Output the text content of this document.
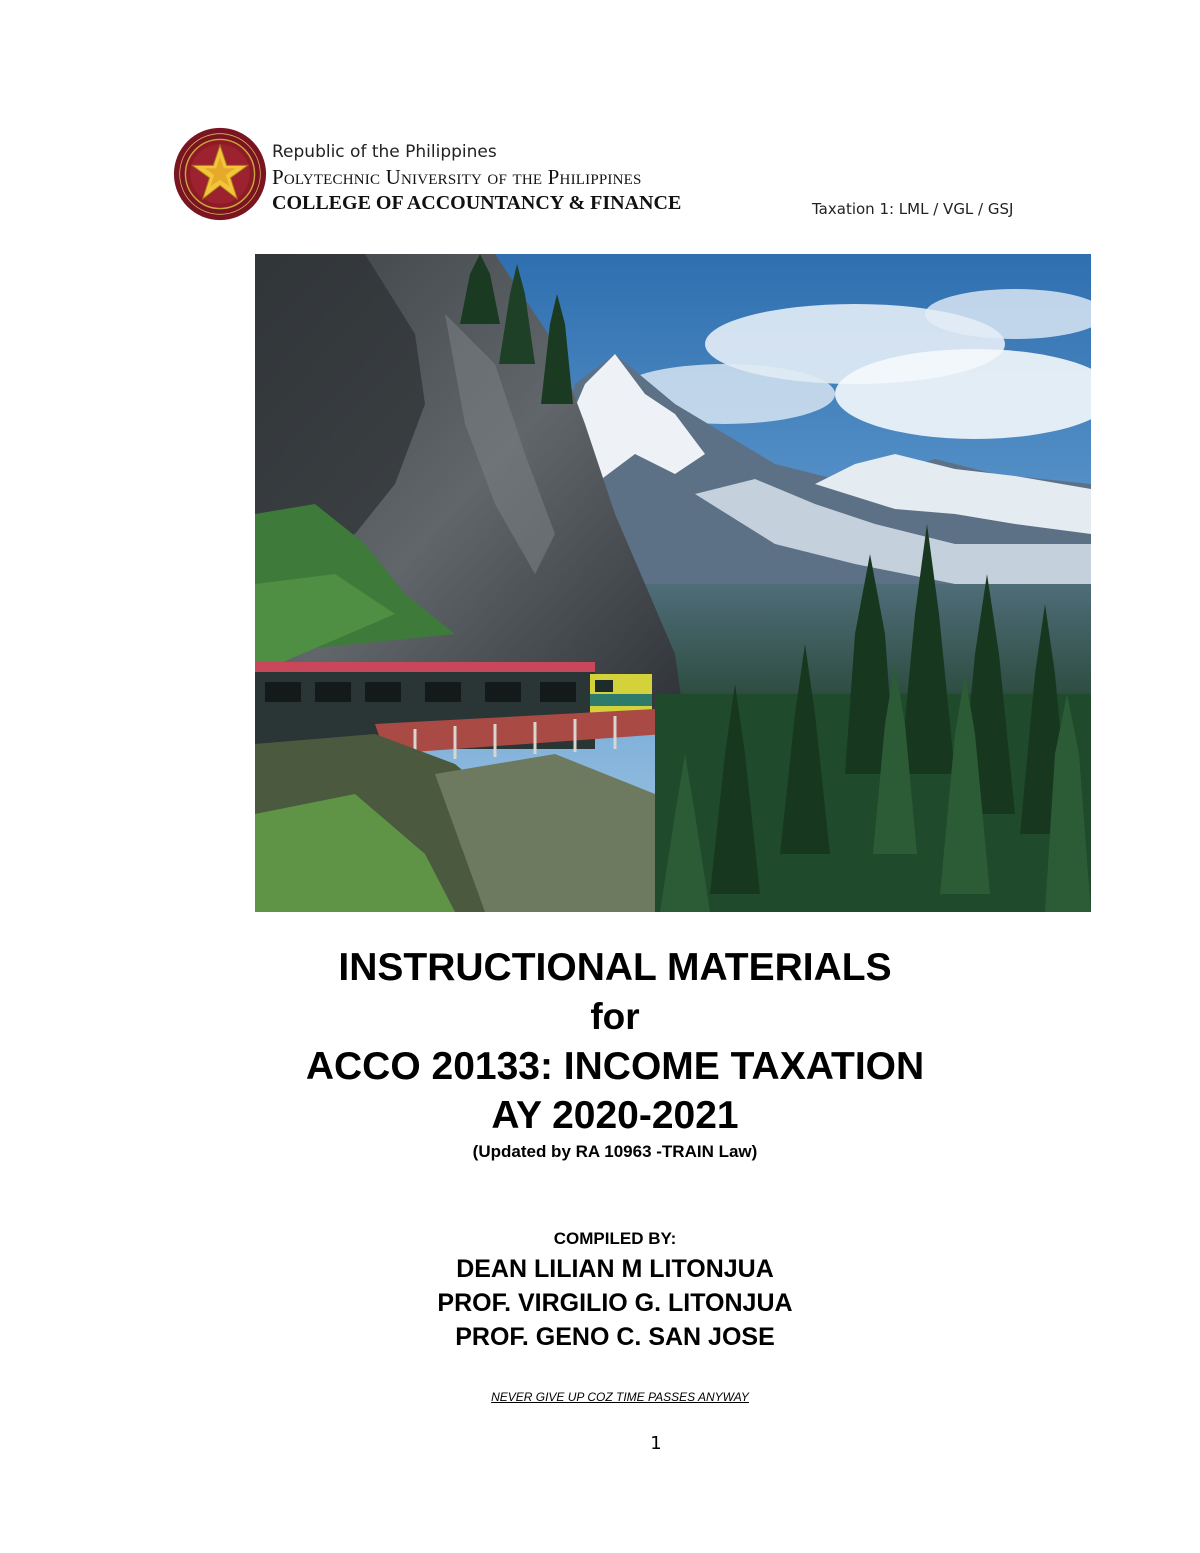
Republic of the Philippines
Polytechnic University of the Philippines
COLLEGE OF ACCOUNTANCY & FINANCE	Taxation 1: LML / VGL / GSJ
INSTRUCTIONAL MATERIALS
for
ACCO 20133: INCOME TAXATION
AY 2020-2021
(Updated by RA 10963 -TRAIN Law)
COMPILED BY:
DEAN LILIAN M LITONJUA
PROF. VIRGILIO G. LITONJUA
PROF. GENO C. SAN JOSE
NEVER GIVE UP COZ TIME PASSES ANYWAY
1
